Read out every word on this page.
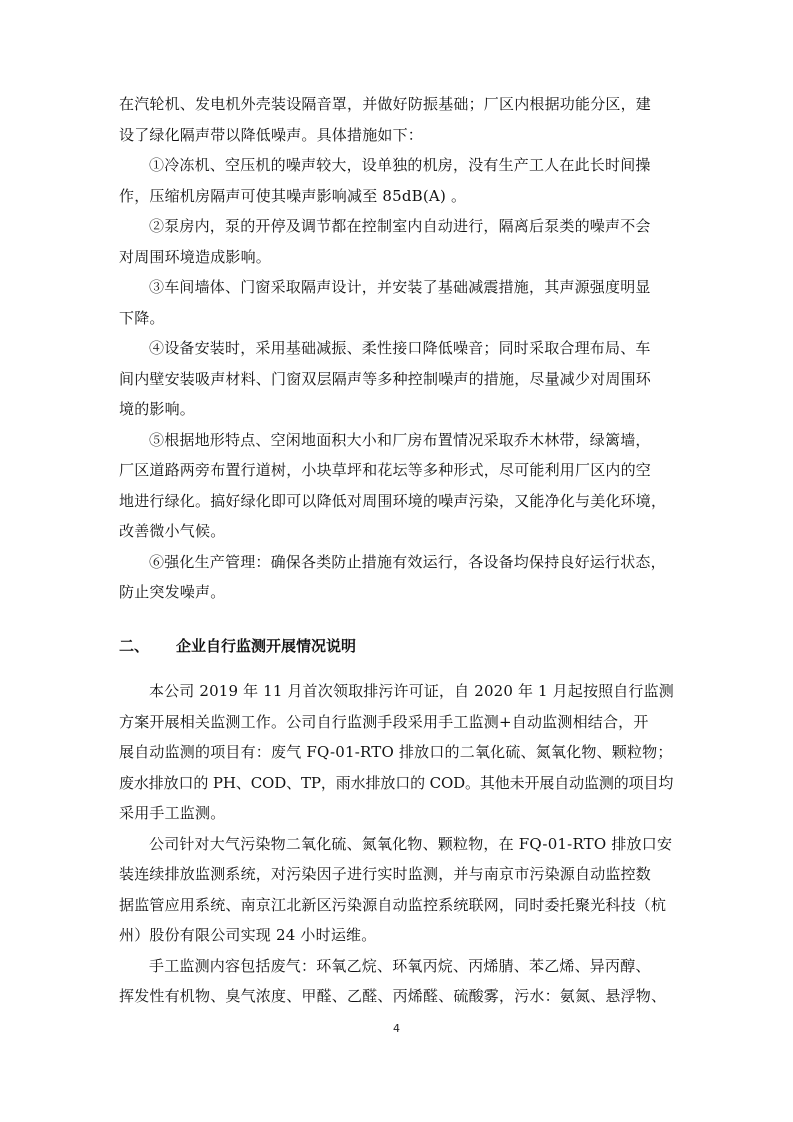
在汽轮机、发电机外壳装设隔音罩，并做好防振基础；厂区内根据功能分区，建
设了绿化隔声带以降低噪声。具体措施如下：
①冷冻机、空压机的噪声较大，设单独的机房，没有生产工人在此长时间操
作，压缩机房隔声可使其噪声影响减至 85dB(A) 。
②泵房内，泵的开停及调节都在控制室内自动进行，隔离后泵类的噪声不会
对周围环境造成影响。
③车间墙体、门窗采取隔声设计，并安装了基础减震措施，其声源强度明显
下降。
④设备安装时，采用基础减振、柔性接口降低噪音；同时采取合理布局、车
间内壁安装吸声材料、门窗双层隔声等多种控制噪声的措施，尽量减少对周围环
境的影响。
⑤根据地形特点、空闲地面积大小和厂房布置情况采取乔木林带，绿篱墙，
厂区道路两旁布置行道树，小块草坪和花坛等多种形式，尽可能利用厂区内的空
地进行绿化。搞好绿化即可以降低对周围环境的噪声污染，又能净化与美化环境，
改善微小气候。
⑥强化生产管理：确保各类防止措施有效运行，各设备均保持良好运行状态，
防止突发噪声。
二、 企业自行监测开展情况说明
本公司 2019 年 11 月首次领取排污许可证，自 2020 年 1 月起按照自行监测
方案开展相关监测工作。公司自行监测手段采用手工监测+自动监测相结合，开
展自动监测的项目有：废气 FQ-01-RTO 排放口的二氧化硫、氮氧化物、颗粒物；
废水排放口的 PH、COD、TP，雨水排放口的 COD。其他未开展自动监测的项目均
采用手工监测。
公司针对大气污染物二氧化硫、氮氧化物、颗粒物，在 FQ-01-RTO 排放口安
装连续排放监测系统，对污染因子进行实时监测，并与南京市污染源自动监控数
据监管应用系统、南京江北新区污染源自动监控系统联网，同时委托聚光科技（杭
州）股份有限公司实现 24 小时运维。
手工监测内容包括废气：环氧乙烷、环氧丙烷、丙烯腈、苯乙烯、异丙醇、
挥发性有机物、臭气浓度、甲醛、乙醛、丙烯醛、硫酸雾，污水：氨氮、悬浮物、
4
